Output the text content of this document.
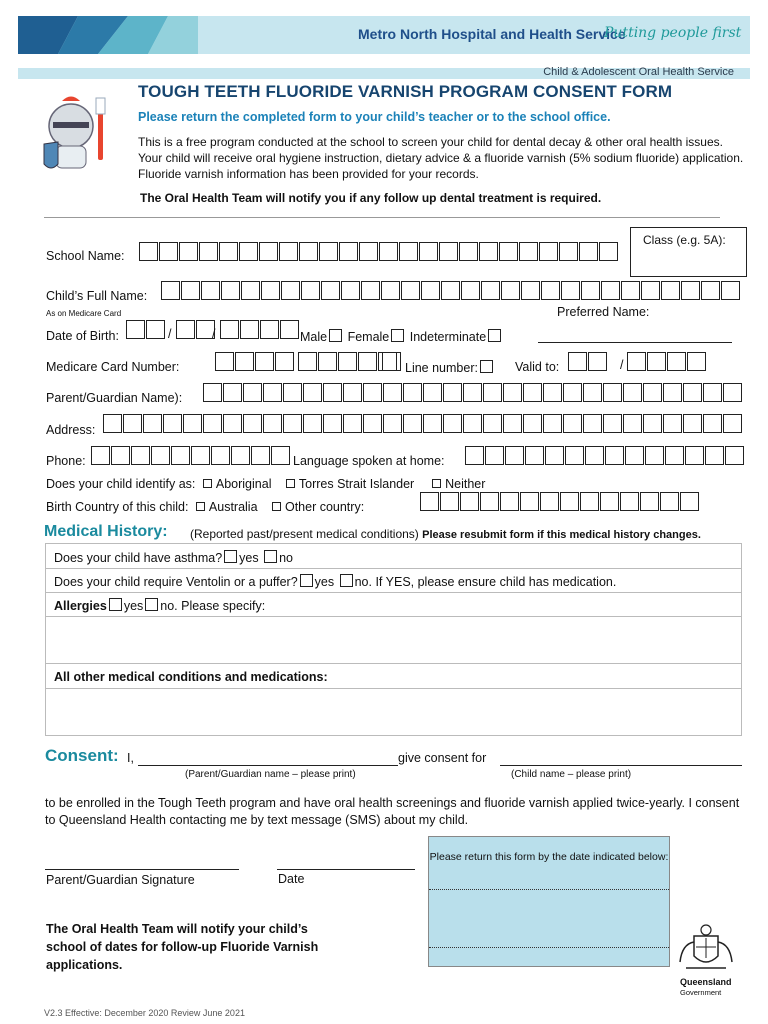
Metro North Hospital and Health Service
Putting people first
Child & Adolescent Oral Health Service
TOUGH TEETH FLUORIDE VARNISH PROGRAM CONSENT FORM
Please return the completed form to your child’s teacher or to the school office.
This is a free program conducted at the school to screen your child for dental decay & other oral health issues. Your child will receive oral hygiene instruction, dietary advice & a fluoride varnish (5% sodium fluoride) application. Fluoride varnish information has been provided for your records.
The Oral Health Team will notify you if any follow up dental treatment is required.
Class (e.g. 5A):
School Name:
Child’s Full Name:
As on Medicare Card	Preferred Name:
Date of Birth:	/	/	Male Female Indeterminate
Medicare Card Number:	Line number:	Valid to:	/
Parent/Guardian Name):
Address:
Phone:	Language spoken at home:
Does your child identify as: Aboriginal Torres Strait Islander Neither
Birth Country of this child: Australia Other country:
Medical History: (Reported past/present medical conditions) Please resubmit form if this medical history changes.
Does your child have asthma? yes no
Does your child require Ventolin or a puffer? yes no. If YES, please ensure child has medication.
Allergies yes no. Please specify:
All other medical conditions and medications:
Consent: I,	give consent for
(Parent/Guardian name – please print)	(Child name – please print)
to be enrolled in the Tough Teeth program and have oral health screenings and fluoride varnish applied twice-yearly. I consent to Queensland Health contacting me by text message (SMS) about my child.
Parent/Guardian Signature	Date
The Oral Health Team will notify your child’s school of dates for follow-up Fluoride Varnish applications.
Please return this form by the date indicated below:
Queensland
Government
V2.3 Effective: December 2020 Review June 2021
